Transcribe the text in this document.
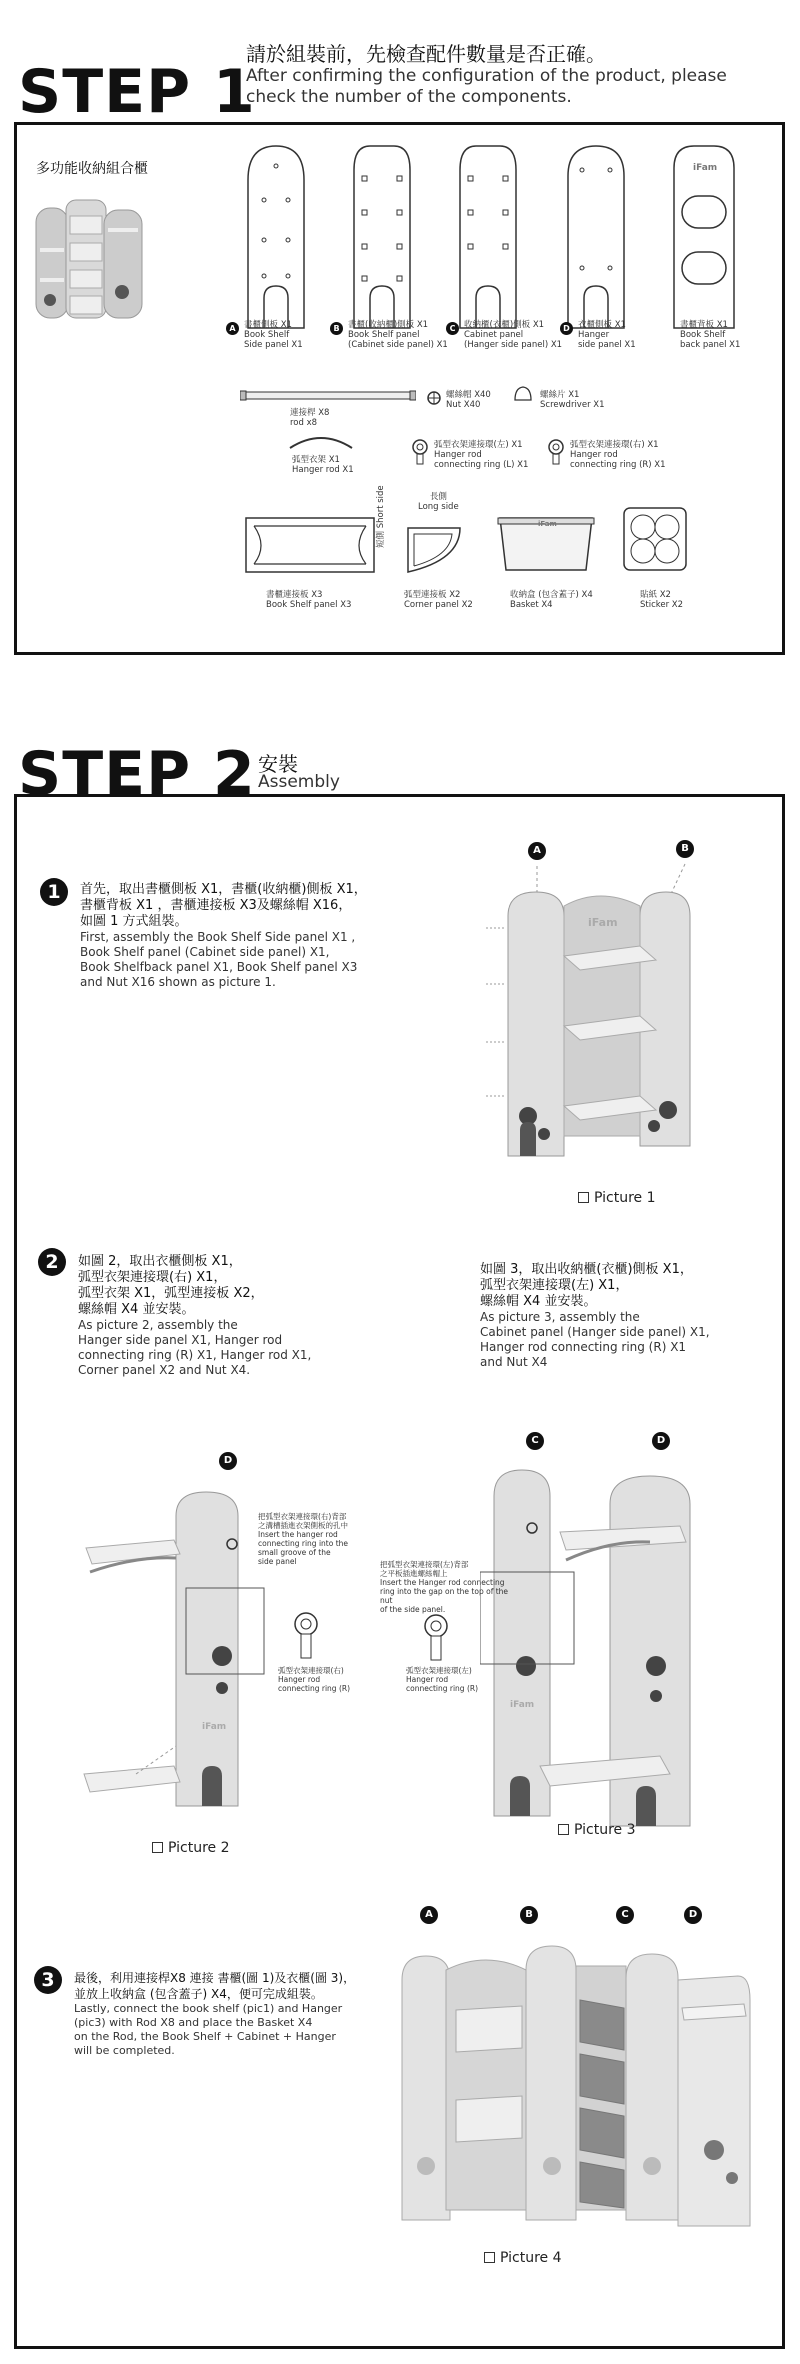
STEP 1
請於組裝前，先檢查配件數量是否正確。
After confirming the configuration of the product, please
check the number of the components.
多功能收納組合櫃	iFam
A 書櫃側板 X1
Book Shelf
Side panel X1
B 書櫃(收納櫃)側板 X1
Book Shelf panel
(Cabinet side panel) X1
C	收納櫃(衣櫃)側板 X1
Cabinet panel
(Hanger side panel) X1
D 衣櫃側板 X1
Hanger
side panel X1
書櫃背板 X1
Book Shelf
back panel X1
連接桿 X8
rod x8
螺絲帽 X40
Nut X40
螺絲片 X1
Screwdriver X1
弧型衣架 X1
Hanger rod X1
弧型衣架連接環(左) X1
Hanger rod
connecting ring (L) X1
弧型衣架連接環(右) X1
Hanger rod
connecting ring (R) X1
書櫃連接板 X3
Book Shelf panel X3
長側
Long side
短側 Short side
弧型連接板 X2
Corner panel X2
iFam
收納盒 (包含蓋子) X4
Basket X4
貼紙 X2
Sticker X2
STEP 2 安裝
Assembly
1	首先，取出書櫃側板 X1，書櫃(收納櫃)側板 X1，
書櫃背板 X1 ，書櫃連接板 X3及螺絲帽 X16，
如圖 1 方式組裝。
First, assembly the Book Shelf Side panel X1 ,
Book Shelf panel (Cabinet side panel) X1,
Book Shelfback panel X1, Book Shelf panel X3
and Nut X16 shown as picture 1.
A	B
iFam
Picture 1
2	如圖 2，取出衣櫃側板 X1，
弧型衣架連接環(右) X1，
弧型衣架 X1，弧型連接板 X2，
螺絲帽 X4 並安裝。
As picture 2, assembly the
Hanger side panel X1, Hanger rod
connecting ring (R) X1, Hanger rod X1,
Corner panel X2 and Nut X4.
如圖 3，取出收納櫃(衣櫃)側板 X1，
弧型衣架連接環(左) X1，
螺絲帽 X4 並安裝。
As picture 3, assembly the
Cabinet panel (Hanger side panel) X1,
Hanger rod connecting ring (R) X1
and Nut X4
D
iFam
把弧型衣架連接環(右)背部
之溝槽插進衣架側板的孔中
Insert the hanger rod
connecting ring into the
small groove of the
side panel
弧型衣架連接環(右)
Hanger rod
connecting ring (R)
Picture 2
C	D
iFam
把弧型衣架連接環(左)背部
之平板插進螺絲帽上
Insert the Hanger rod connecting
ring into the gap on the top of the nut
of the side panel.
弧型衣架連接環(左)
Hanger rod
connecting ring (R)
Picture 3
3	最後，利用連接桿X8 連接 書櫃(圖 1)及衣櫃(圖 3)，
並放上收納盒 (包含蓋子) X4，便可完成組裝。
Lastly, connect the book shelf (pic1) and Hanger
(pic3) with Rod X8 and place the Basket X4
on the Rod, the Book Shelf + Cabinet + Hanger
will be completed.
A	B	C	D
Picture 4
